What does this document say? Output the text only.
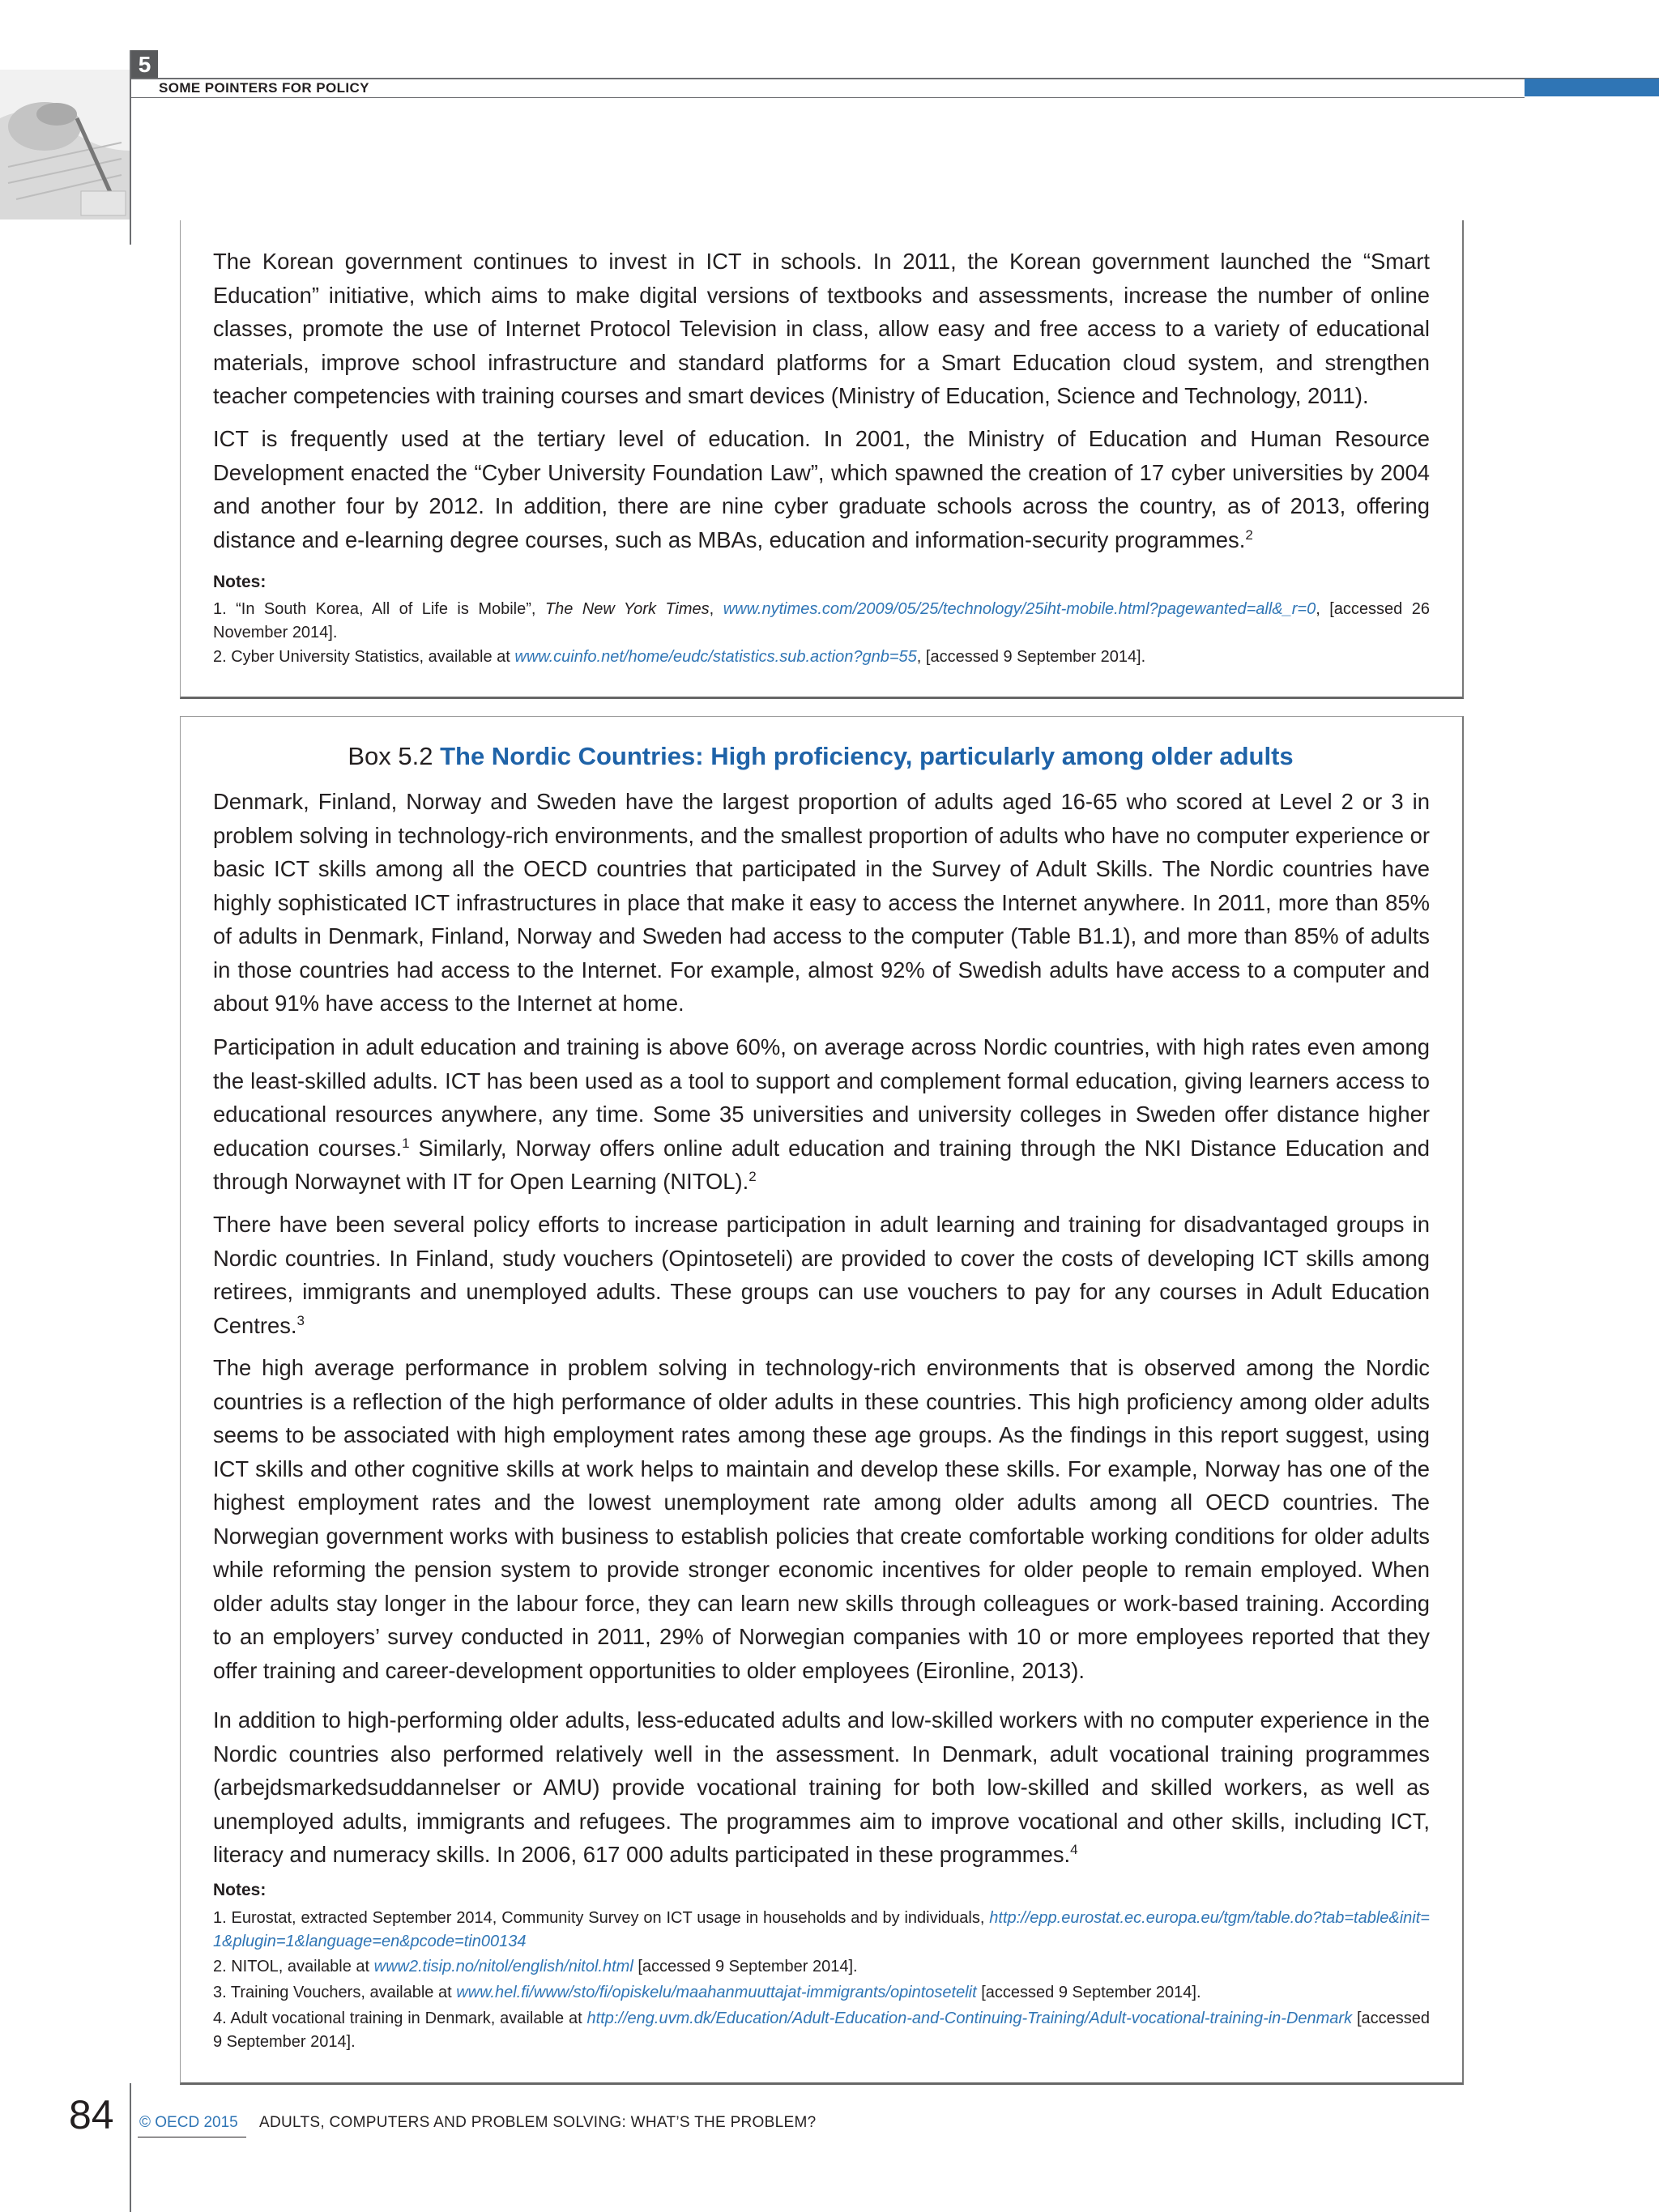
5
SOME POINTERS FOR POLICY
The Korean government continues to invest in ICT in schools. In 2011, the Korean government launched the “Smart Education” initiative, which aims to make digital versions of textbooks and assessments, increase the number of online classes, promote the use of Internet Protocol Television in class, allow easy and free access to a variety of educational materials, improve school infrastructure and standard platforms for a Smart Education cloud system, and strengthen teacher competencies with training courses and smart devices (Ministry of Education, Science and Technology, 2011).
ICT is frequently used at the tertiary level of education. In 2001, the Ministry of Education and Human Resource Development enacted the “Cyber University Foundation Law”, which spawned the creation of 17 cyber universities by 2004 and another four by 2012. In addition, there are nine cyber graduate schools across the country, as of 2013, offering distance and e-learning degree courses, such as MBAs, education and information-security programmes.$^2$
Notes:
1. “In South Korea, All of Life is Mobile”, The New York Times, www.nytimes.com/2009/05/25/technology/25iht-mobile.html?pagewanted=all&_r=0, [accessed 26 November 2014].
2. Cyber University Statistics, available at www.cuinfo.net/home/eudc/statistics.sub.action?gnb=55, [accessed 9 September 2014].
Box 5.2 The Nordic Countries: High proficiency, particularly among older adults
Denmark, Finland, Norway and Sweden have the largest proportion of adults aged 16-65 who scored at Level 2 or 3 in problem solving in technology-rich environments, and the smallest proportion of adults who have no computer experience or basic ICT skills among all the OECD countries that participated in the Survey of Adult Skills. The Nordic countries have highly sophisticated ICT infrastructures in place that make it easy to access the Internet anywhere. In 2011, more than 85% of adults in Denmark, Finland, Norway and Sweden had access to the computer (Table B1.1), and more than 85% of adults in those countries had access to the Internet. For example, almost 92% of Swedish adults have access to a computer and about 91% have access to the Internet at home.
Participation in adult education and training is above 60%, on average across Nordic countries, with high rates even among the least-skilled adults. ICT has been used as a tool to support and complement formal education, giving learners access to educational resources anywhere, any time. Some 35 universities and university colleges in Sweden offer distance higher education courses.$^1$ Similarly, Norway offers online adult education and training through the NKI Distance Education and through Norwaynet with IT for Open Learning (NITOL).$^2$
There have been several policy efforts to increase participation in adult learning and training for disadvantaged groups in Nordic countries. In Finland, study vouchers (Opintoseteli) are provided to cover the costs of developing ICT skills among retirees, immigrants and unemployed adults. These groups can use vouchers to pay for any courses in Adult Education Centres.$^3$
The high average performance in problem solving in technology-rich environments that is observed among the Nordic countries is a reflection of the high performance of older adults in these countries. This high proficiency among older adults seems to be associated with high employment rates among these age groups. As the findings in this report suggest, using ICT skills and other cognitive skills at work helps to maintain and develop these skills. For example, Norway has one of the highest employment rates and the lowest unemployment rate among older adults among all OECD countries. The Norwegian government works with business to establish policies that create comfortable working conditions for older adults while reforming the pension system to provide stronger economic incentives for older people to remain employed. When older adults stay longer in the labour force, they can learn new skills through colleagues or work-based training. According to an employers’ survey conducted in 2011, 29% of Norwegian companies with 10 or more employees reported that they offer training and career-development opportunities to older employees (Eironline, 2013).
In addition to high-performing older adults, less-educated adults and low-skilled workers with no computer experience in the Nordic countries also performed relatively well in the assessment. In Denmark, adult vocational training programmes (arbejdsmarkedsuddannelser or AMU) provide vocational training for both low-skilled and skilled workers, as well as unemployed adults, immigrants and refugees. The programmes aim to improve vocational and other skills, including ICT, literacy and numeracy skills. In 2006, 617 000 adults participated in these programmes.$^4$
Notes:
1. Eurostat, extracted September 2014, Community Survey on ICT usage in households and by individuals, http://epp.eurostat.ec.europa.eu/tgm/table.do?tab=table&init=1&plugin=1&language=en&pcode=tin00134
2. NITOL, available at www2.tisip.no/nitol/english/nitol.html [accessed 9 September 2014].
3. Training Vouchers, available at www.hel.fi/www/sto/fi/opiskelu/maahanmuuttajat-immigrants/opintosetelit [accessed 9 September 2014].
4. Adult vocational training in Denmark, available at http://eng.uvm.dk/Education/Adult-Education-and-Continuing-Training/Adult-vocational-training-in-Denmark [accessed 9 September 2014].
84 © OECD 2015 ADULTS, COMPUTERS AND PROBLEM SOLVING: WHAT’S THE PROBLEM?
